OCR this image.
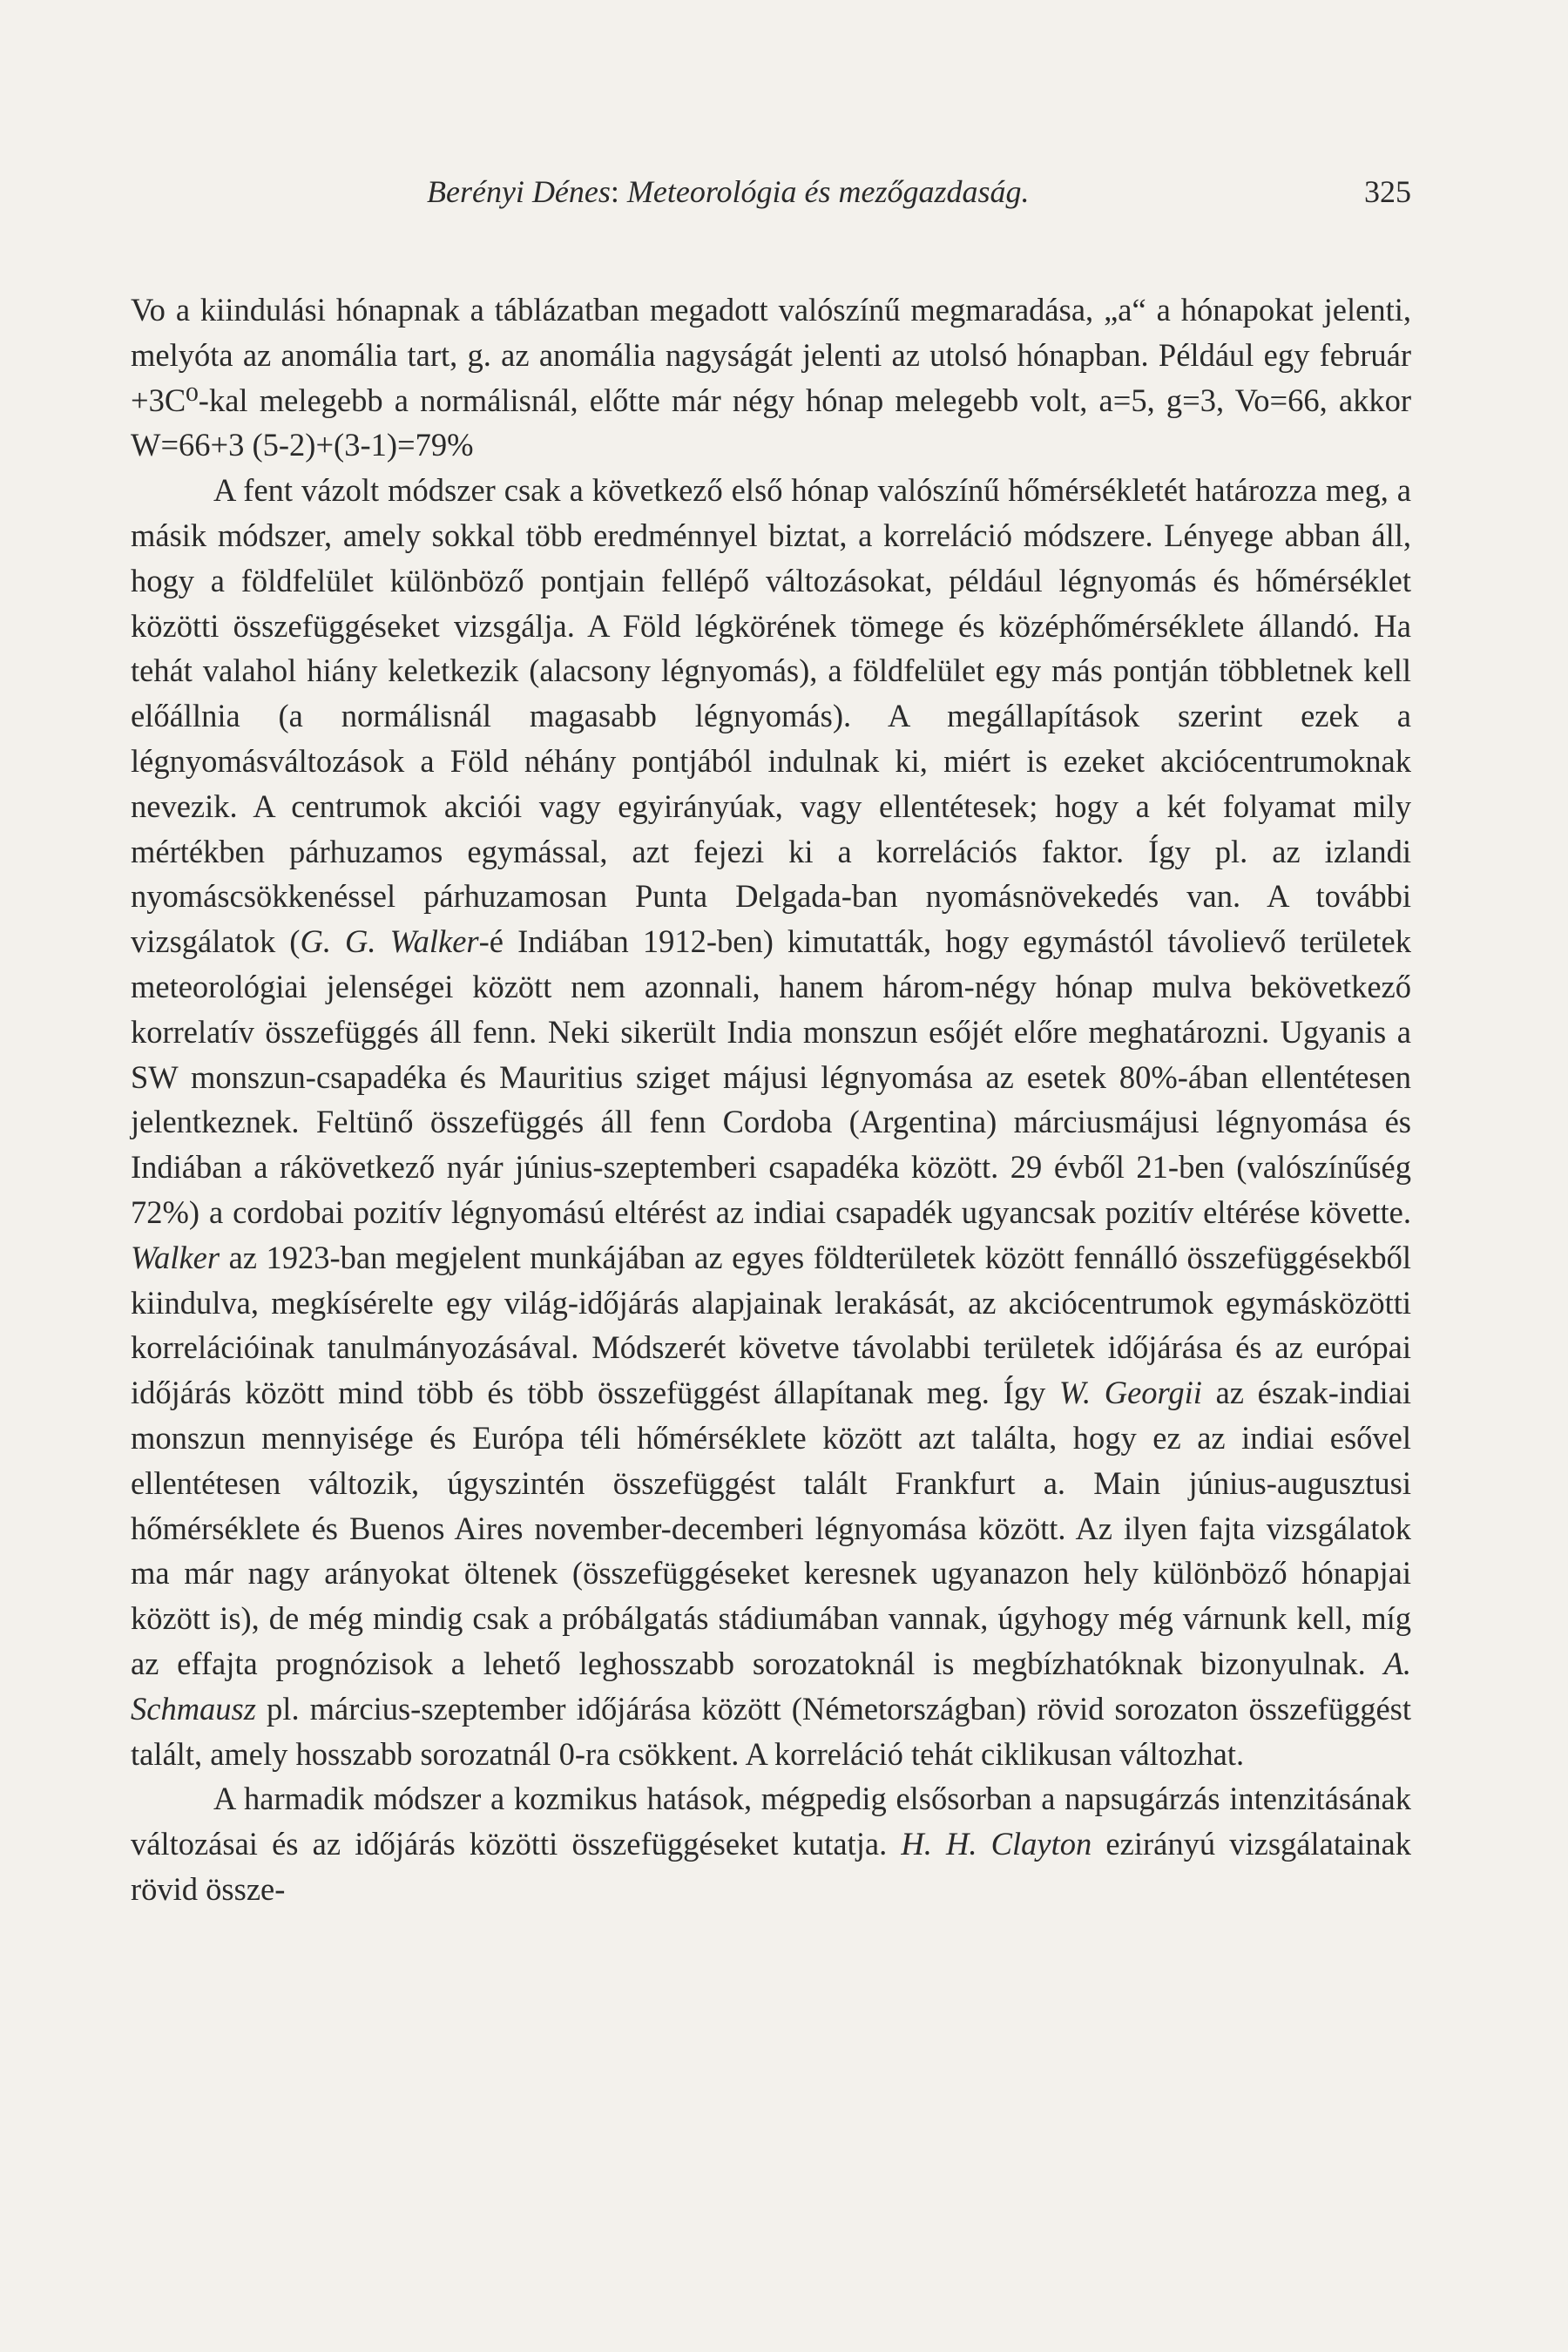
Berényi Dénes: Meteorológia és mezőgazdaság.	325

Vo a kiindulási hónapnak a táblázatban megadott valószínű megmaradása, „a“ a hónapokat jelenti, melyóta az anomália tart, g. az anomália nagyságát jelenti az utolsó hónapban. Például egy február +3C⁰-kal melegebb a normálisnál, előtte már négy hónap melegebb volt, a=5, g=3, Vo=66, akkor W=66+3 (5-2)+(3-1)=79%

A fent vázolt módszer csak a következő első hónap valószínű hőmérsékletét határozza meg, a másik módszer, amely sokkal több eredménnyel biztat, a korreláció módszere. Lényege abban áll, hogy a földfelület különböző pontjain fellépő változásokat, például légnyomás és hőmérséklet közötti összefüggéseket vizsgálja. A Föld légkörének tömege és középhőmérséklete állandó. Ha tehát valahol hiány keletkezik (alacsony légnyomás), a földfelület egy más pontján többletnek kell előállnia (a normálisnál magasabb légnyomás). A megállapítások szerint ezek a légnyomásváltozások a Föld néhány pontjából indulnak ki, miért is ezeket akciócentrumoknak nevezik. A centrumok akciói vagy egyirányúak, vagy ellentétesek; hogy a két folyamat mily mértékben párhuzamos egymással, azt fejezi ki a korrelációs faktor. Így pl. az izlandi nyomáscsökkenéssel párhuzamosan Punta Delgada-ban nyomásnövekedés van. A további vizsgálatok (G. G. Walker-é Indiában 1912-ben) kimutatták, hogy egymástól távolievő területek meteorológiai jelenségei között nem azonnali, hanem három-négy hónap mulva bekövetkező korrelatív összefüggés áll fenn. Neki sikerült India monszun esőjét előre meghatározni. Ugyanis a SW monszun-csapadéka és Mauritius sziget májusi légnyomása az esetek 80%-ában ellentétesen jelentkeznek. Feltünő összefüggés áll fenn Cordoba (Argentina) márciusmájusi légnyomása és Indiában a rákövetkező nyár június-szeptemberi csapadéka között. 29 évből 21-ben (valószínűség 72%) a cordobai pozitív légnyomású eltérést az indiai csapadék ugyancsak pozitív eltérése követte. Walker az 1923-ban megjelent munkájában az egyes földterületek között fennálló összefüggésekből kiindulva, megkísérelte egy világ-időjárás alapjainak lerakását, az akciócentrumok egymásközötti korrelációinak tanulmányozásával. Módszerét követve távolabbi területek időjárása és az európai időjárás között mind több és több összefüggést állapítanak meg. Így W. Georgii az észak-indiai monszun mennyisége és Európa téli hőmérséklete között azt találta, hogy ez az indiai esővel ellentétesen változik, úgyszintén összefüggést talált Frankfurt a. Main június-augusztusi hőmérséklete és Buenos Aires november-decemberi légnyomása között. Az ilyen fajta vizsgálatok ma már nagy arányokat öltenek (összefüggéseket keresnek ugyanazon hely különböző hónapjai között is), de még mindig csak a próbálgatás stádiumában vannak, úgyhogy még várnunk kell, míg az effajta prognózisok a lehető leghosszabb sorozatoknál is megbízhatóknak bizonyulnak. A. Schmausz pl. március-szeptember időjárása között (Németországban) rövid sorozaton összefüggést talált, amely hosszabb sorozatnál 0-ra csökkent. A korreláció tehát ciklikusan változhat.

A harmadik módszer a kozmikus hatások, mégpedig elsősorban a napsugárzás intenzitásának változásai és az időjárás közötti összefüggéseket kutatja. H. H. Clayton ezirányú vizsgálatainak rövid össze-
